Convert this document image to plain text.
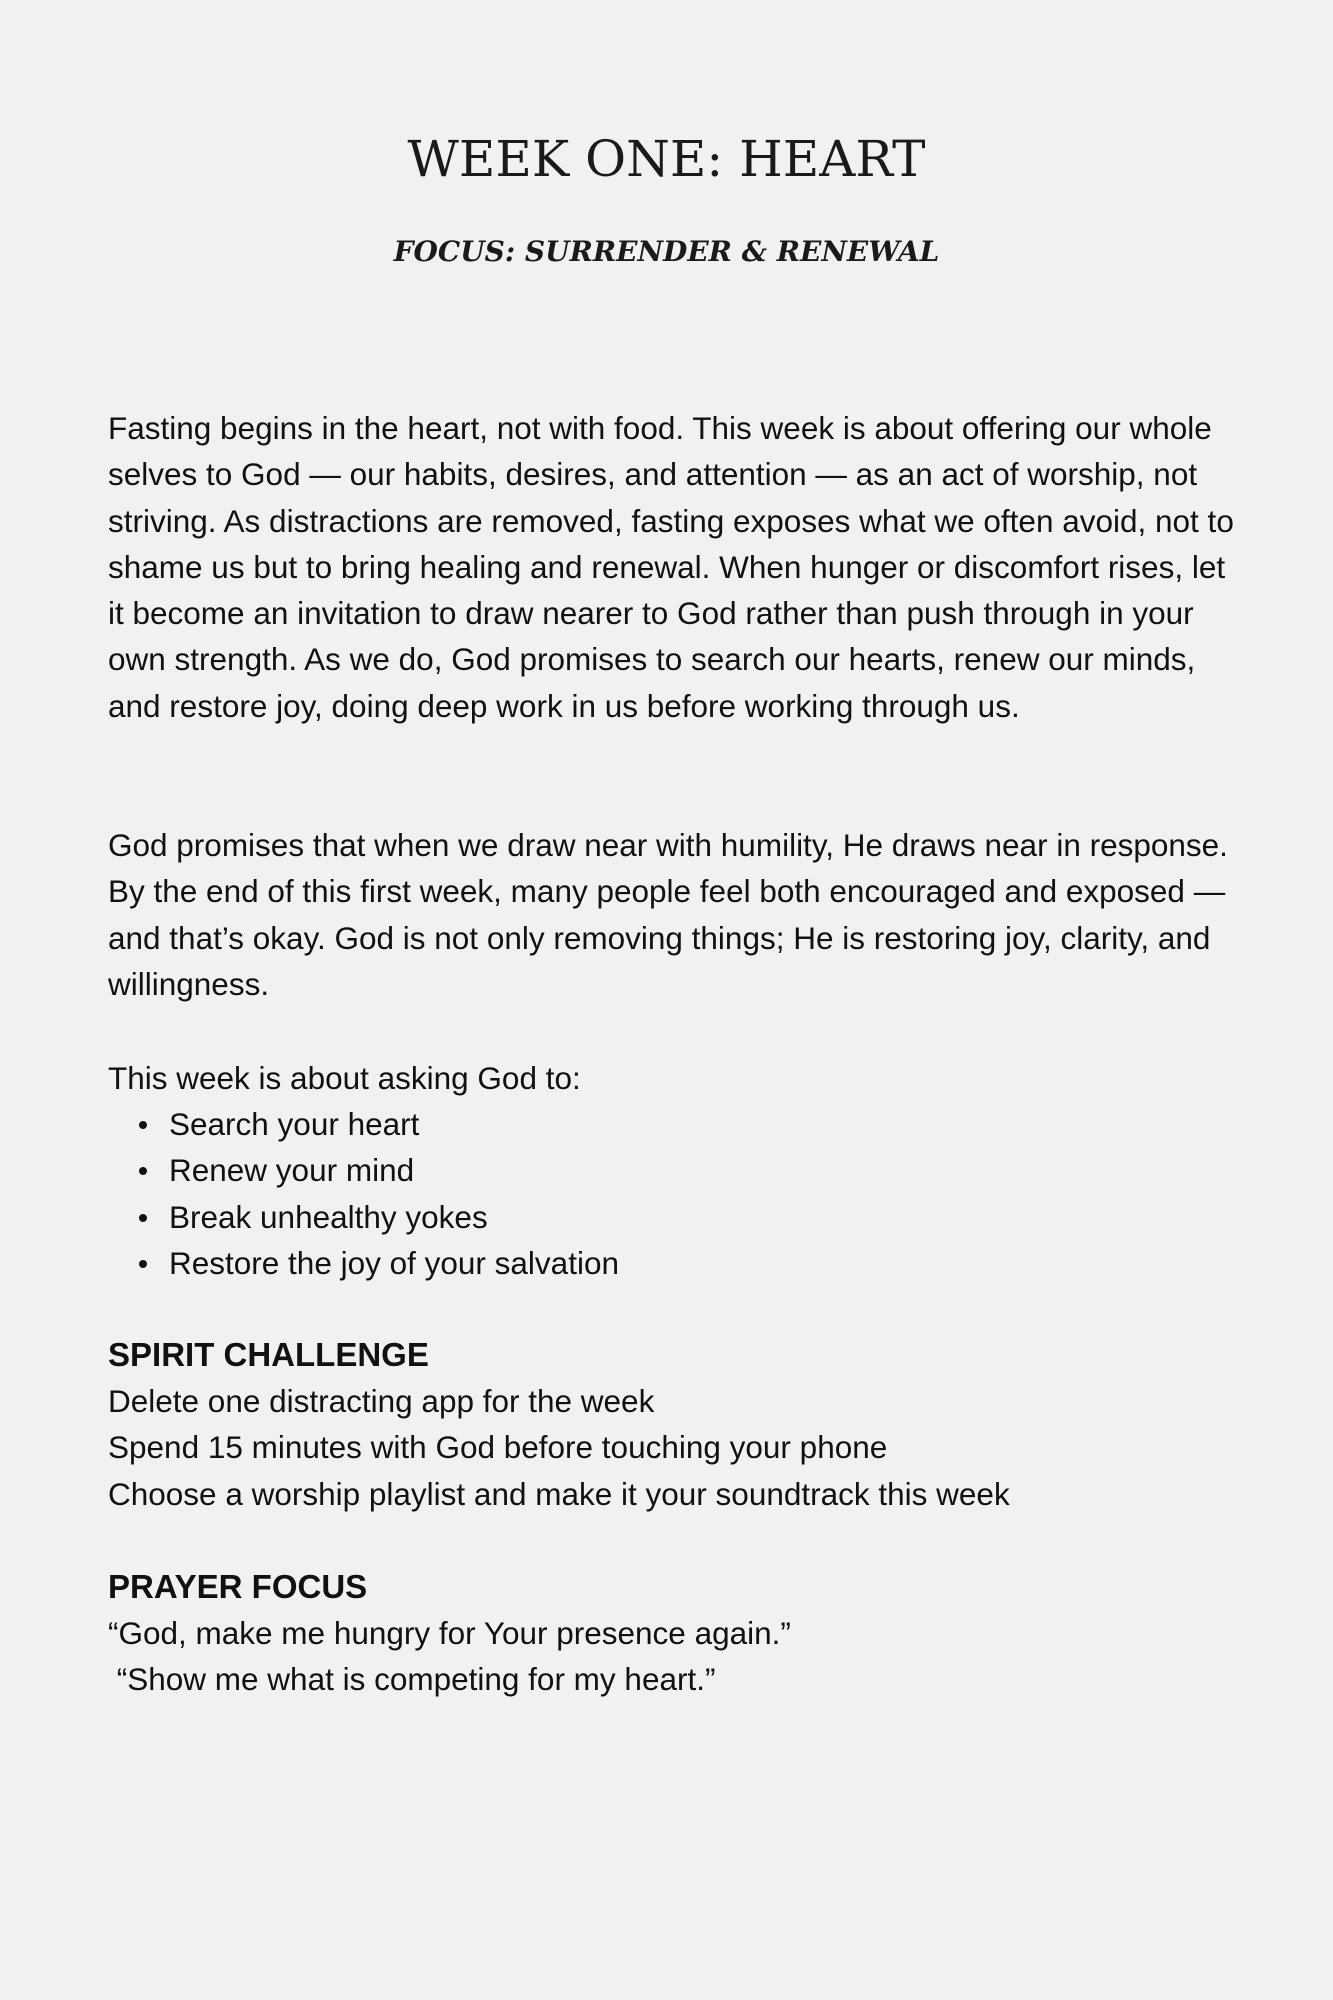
WEEK ONE: HEART
FOCUS: SURRENDER & RENEWAL

Fasting begins in the heart, not with food. This week is about offering our whole selves to God — our habits, desires, and attention — as an act of worship, not striving. As distractions are removed, fasting exposes what we often avoid, not to shame us but to bring healing and renewal. When hunger or discomfort rises, let it become an invitation to draw nearer to God rather than push through in your own strength. As we do, God promises to search our hearts, renew our minds, and restore joy, doing deep work in us before working through us.

God promises that when we draw near with humility, He draws near in response. By the end of this first week, many people feel both encouraged and exposed — and that’s okay. God is not only removing things; He is restoring joy, clarity, and willingness.

This week is about asking God to:

Search your heart
Renew your mind
Break unhealthy yokes
Restore the joy of your salvation
SPIRIT CHALLENGE
Delete one distracting app for the week
Spend 15 minutes with God before touching your phone
Choose a worship playlist and make it your soundtrack this week
PRAYER FOCUS
“God, make me hungry for Your presence again.”
“Show me what is competing for my heart.”
